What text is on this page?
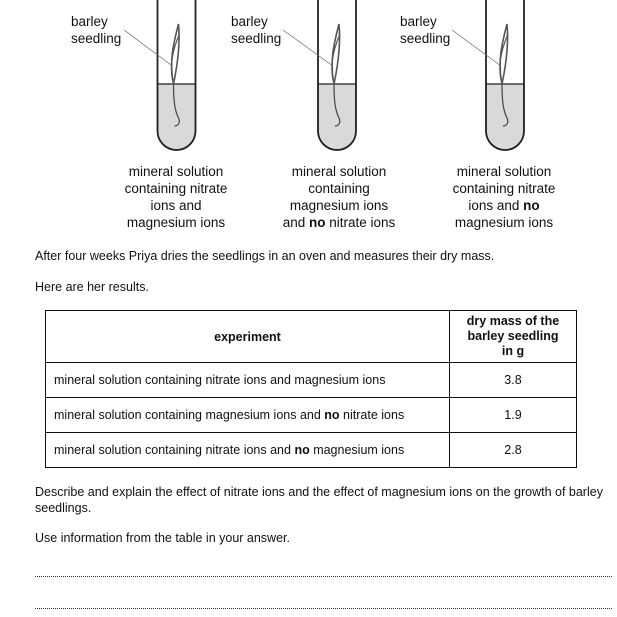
barley
seedling
barley
seedling
barley
seedling
mineral solution
containing nitrate
ions and
magnesium ions
mineral solution
containing
magnesium ions
and no nitrate ions
mineral solution
containing nitrate
ions and no
magnesium ions
After four weeks Priya dries the seedlings in an oven and measures their dry mass.
Here are her results.
experiment	dry mass of the
barley seedling
in g

mineral solution containing nitrate ions and magnesium ions	3.8
mineral solution containing magnesium ions and no nitrate ions	1.9
mineral solution containing nitrate ions and no magnesium ions	2.8
Describe and explain the effect of nitrate ions and the effect of magnesium ions on the growth of barley seedlings.
Use information from the table in your answer.
